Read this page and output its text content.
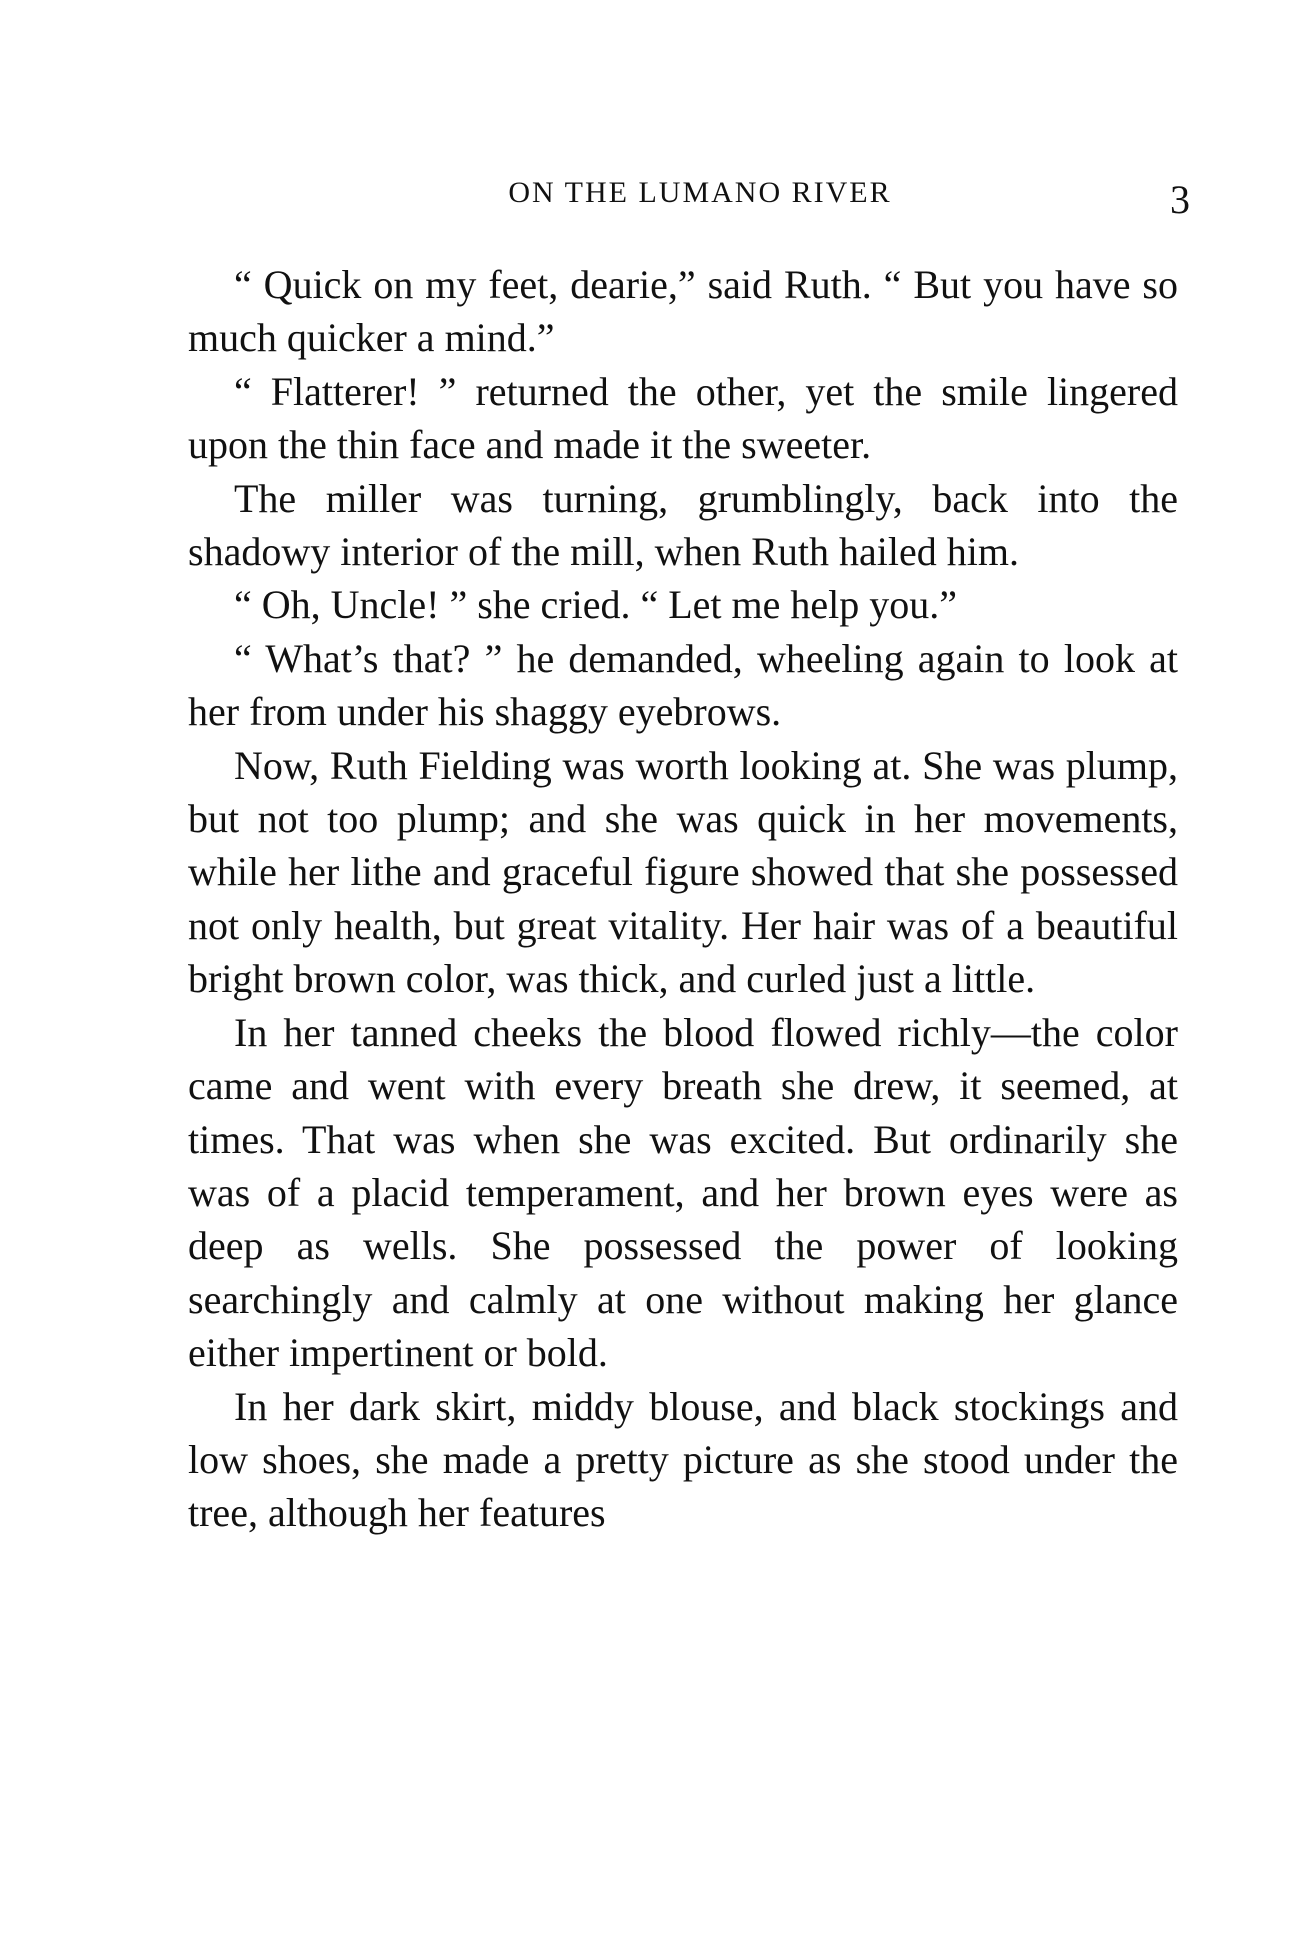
ON THE LUMANO RIVER	3

“ Quick on my feet, dearie,” said Ruth. “ But you have so much quicker a mind.”

“ Flatterer! ” returned the other, yet the smile lingered upon the thin face and made it the sweeter.

The miller was turning, grumblingly, back into the shadowy interior of the mill, when Ruth hailed him.

“ Oh, Uncle! ” she cried. “ Let me help you.”

“ What’s that? ” he demanded, wheeling again to look at her from under his shaggy eyebrows.

Now, Ruth Fielding was worth looking at. She was plump, but not too plump; and she was quick in her movements, while her lithe and graceful figure showed that she possessed not only health, but great vitality. Her hair was of a beautiful bright brown color, was thick, and curled just a little.

In her tanned cheeks the blood flowed richly—the color came and went with every breath she drew, it seemed, at times. That was when she was excited. But ordinarily she was of a placid temperament, and her brown eyes were as deep as wells. She possessed the power of looking searchingly and calmly at one without making her glance either impertinent or bold.

In her dark skirt, middy blouse, and black stockings and low shoes, she made a pretty picture as she stood under the tree, although her features
